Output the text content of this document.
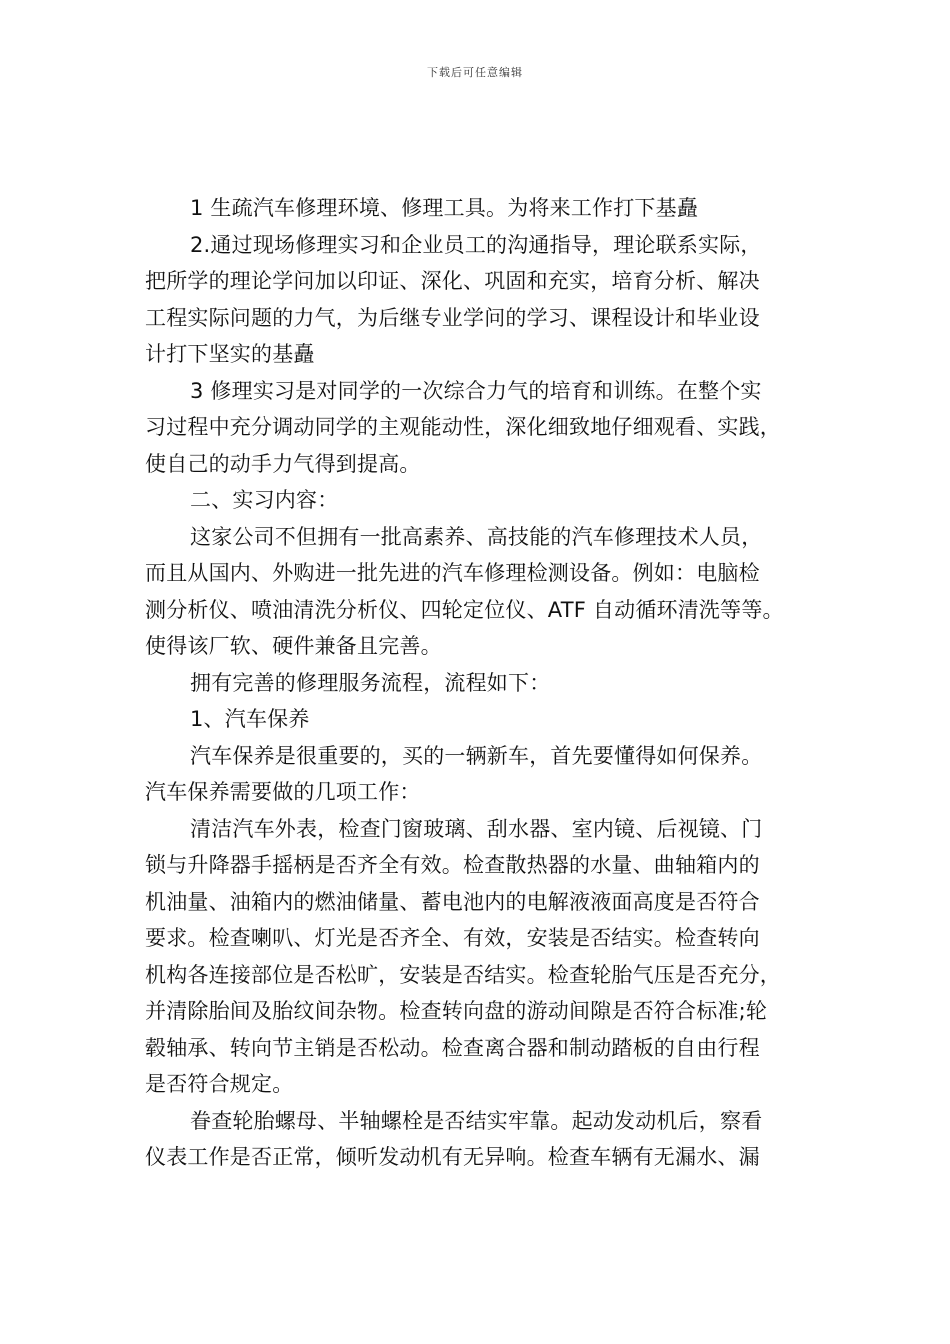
下载后可任意编辑
1 生疏汽车修理环境、修理工具。为将来工作打下基矗
2.通过现场修理实习和企业员工的沟通指导，理论联系实际，
把所学的理论学问加以印证、深化、巩固和充实，培育分析、解决
工程实际问题的力气，为后继专业学问的学习、课程设计和毕业设
计打下坚实的基矗
3 修理实习是对同学的一次综合力气的培育和训练。在整个实
习过程中充分调动同学的主观能动性，深化细致地仔细观看、实践，
使自己的动手力气得到提高。
二、实习内容：
这家公司不但拥有一批高素养、高技能的汽车修理技术人员，
而且从国内、外购进一批先进的汽车修理检测设备。例如：电脑检
测分析仪、喷油清洗分析仪、四轮定位仪、ATF 自动循环清洗等等。
使得该厂软、硬件兼备且完善。
拥有完善的修理服务流程，流程如下：
1、汽车保养
汽车保养是很重要的，买的一辆新车，首先要懂得如何保养。
汽车保养需要做的几项工作：
清洁汽车外表，检查门窗玻璃、刮水器、室内镜、后视镜、门
锁与升降器手摇柄是否齐全有效。检查散热器的水量、曲轴箱内的
机油量、油箱内的燃油储量、蓄电池内的电解液液面高度是否符合
要求。检查喇叭、灯光是否齐全、有效，安装是否结实。检查转向
机构各连接部位是否松旷，安装是否结实。检查轮胎气压是否充分，
并清除胎间及胎纹间杂物。检查转向盘的游动间隙是否符合标准;轮
毂轴承、转向节主销是否松动。检查离合器和制动踏板的自由行程
是否符合规定。
眷查轮胎螺母、半轴螺栓是否结实牢靠。起动发动机后，察看
仪表工作是否正常，倾听发动机有无异响。检查车辆有无漏水、漏
